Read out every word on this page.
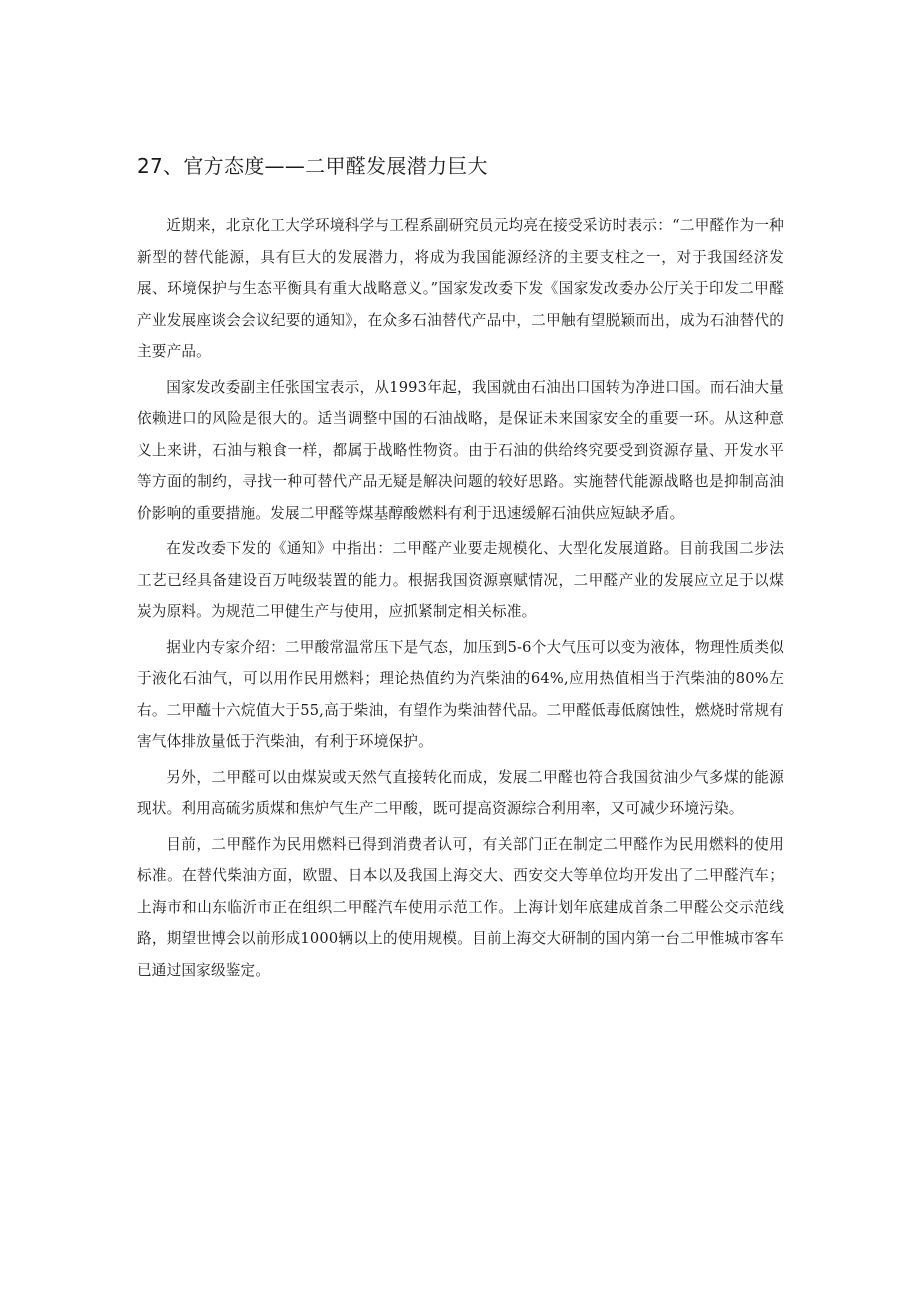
27、官方态度——二甲醛发展潜力巨大

近期来，北京化工大学环境科学与工程系副研究员元均亮在接受采访时表示：“二甲醛作为一种新型的替代能源，具有巨大的发展潜力，将成为我国能源经济的主要支柱之一，对于我国经济发展、环境保护与生态平衡具有重大战略意义。”国家发改委下发《国家发改委办公厅关于印发二甲醛产业发展座谈会会议纪要的通知》，在众多石油替代产品中，二甲触有望脱颖而出，成为石油替代的主要产品。

国家发改委副主任张国宝表示，从1993年起，我国就由石油出口国转为净进口国。而石油大量依赖进口的风险是很大的。适当调整中国的石油战略，是保证未来国家安全的重要一环。从这种意义上来讲，石油与粮食一样，都属于战略性物资。由于石油的供给终究要受到资源存量、开发水平等方面的制约，寻找一种可替代产品无疑是解决问题的较好思路。实施替代能源战略也是抑制高油价影响的重要措施。发展二甲醛等煤基醇酸燃料有利于迅速缓解石油供应短缺矛盾。

在发改委下发的《通知》中指出：二甲醛产业要走规模化、大型化发展道路。目前我国二步法工艺已经具备建设百万吨级装置的能力。根据我国资源禀赋情况，二甲醛产业的发展应立足于以煤炭为原料。为规范二甲健生产与使用，应抓紧制定相关标准。

据业内专家介绍：二甲酸常温常压下是气态，加压到5-6个大气压可以变为液体，物理性质类似于液化石油气，可以用作民用燃料；理论热值约为汽柴油的64%,应用热值相当于汽柴油的80%左右。二甲醯十六烷值大于55,高于柴油，有望作为柴油替代品。二甲醛低毒低腐蚀性，燃烧时常规有害气体排放量低于汽柴油，有利于环境保护。

另外，二甲醛可以由煤炭或天然气直接转化而成，发展二甲醛也符合我国贫油少气多煤的能源现状。利用高硫劣质煤和焦炉气生产二甲酸，既可提高资源综合利用率，又可减少环境污染。

目前，二甲醛作为民用燃料已得到消费者认可，有关部门正在制定二甲醛作为民用燃料的使用标准。在替代柴油方面，欧盟、日本以及我国上海交大、西安交大等单位均开发出了二甲醛汽车；上海市和山东临沂市正在组织二甲醛汽车使用示范工作。上海计划年底建成首条二甲醛公交示范线路，期望世博会以前形成1000辆以上的使用规模。目前上海交大研制的国内第一台二甲惟城市客车已通过国家级鉴定。
